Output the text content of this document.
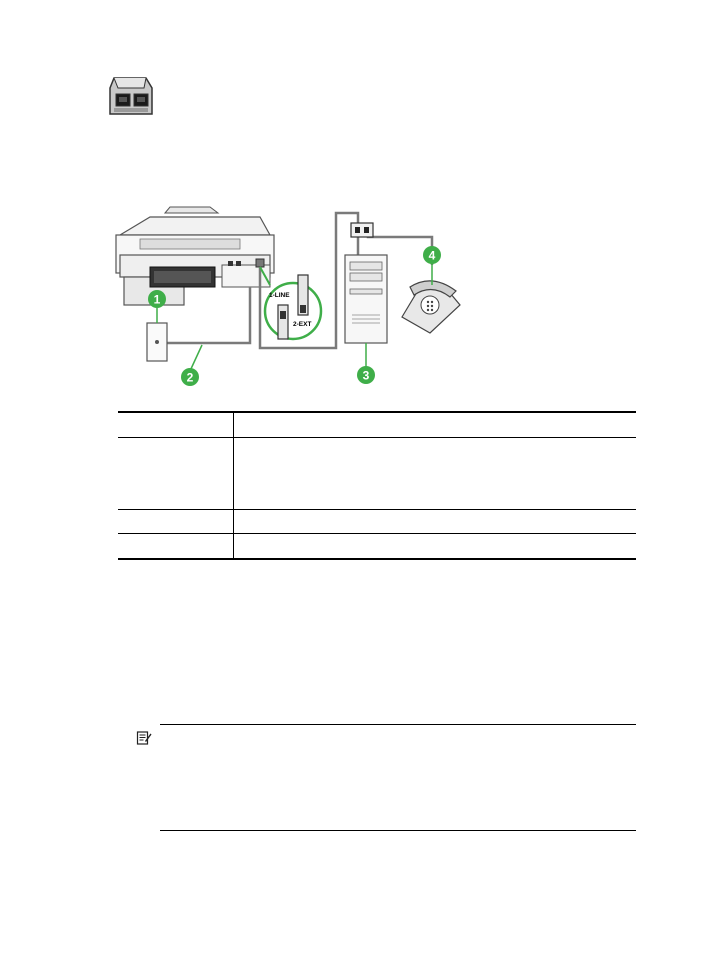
1-LINE
2-EXT
1
2	3
4
